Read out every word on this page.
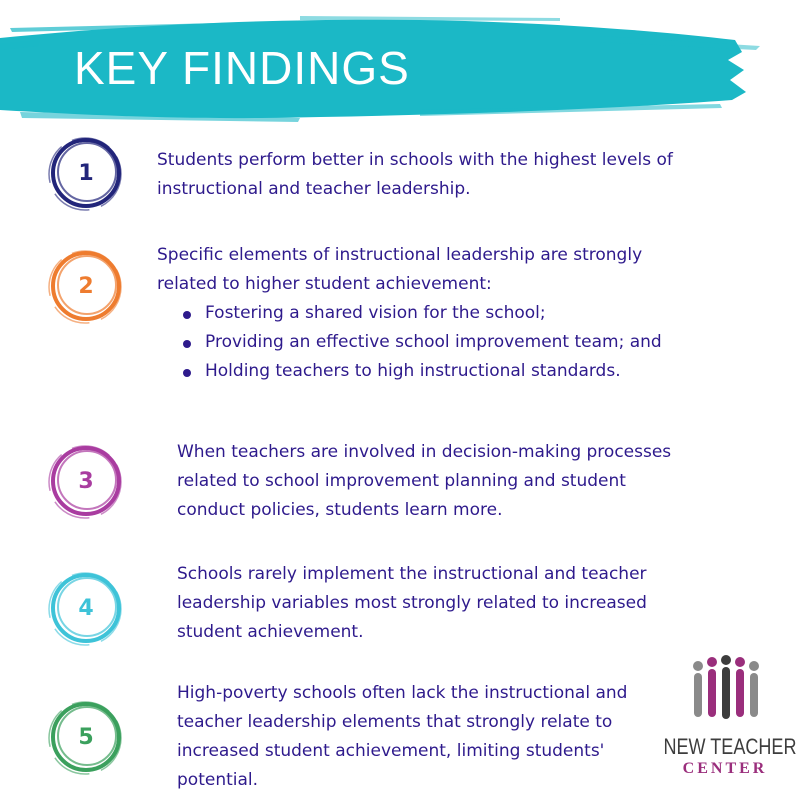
KEY FINDINGS
1
Students perform better in schools with the highest levels of instructional and teacher leadership.
2
Specific elements of instructional leadership are strongly related to higher student achievement:
Fostering a shared vision for the school;
Providing an effective school improvement team; and
Holding teachers to high instructional standards.
3
When teachers are involved in decision-making processes related to school improvement planning and student conduct policies, students learn more.
4
Schools rarely implement the instructional and teacher leadership variables most strongly related to increased student achievement.
5
High-poverty schools often lack the instructional and teacher leadership elements that strongly relate to increased student achievement, limiting students' potential.
NEW TEACHER
CENTER
